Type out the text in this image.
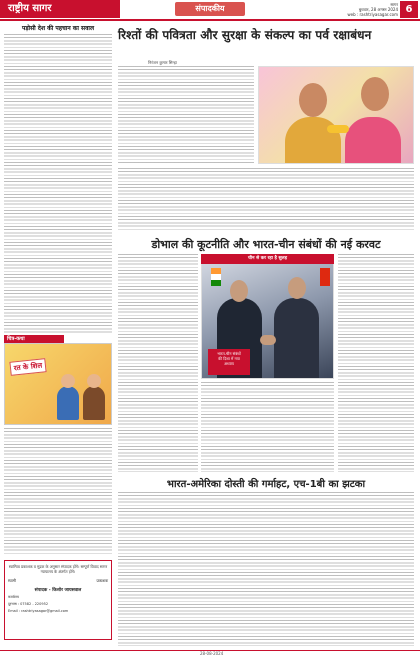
राष्ट्रीय सागर	संपादकीय	सागर
बुधवार, 28 अगस्त 2024
web : rashtriyasagar.com 6
पड़ोसी देश की पहचान का सवाल	रिश्तों की पवित्रता और सुरक्षा के संकल्प का पर्व रक्षाबंधन
निरंजन कुमार सिन्हा
डोभाल की कूटनीति और भारत-चीन संबंधों की नई करवट
चीन से कर रहा है सुलह
भारत-चीन संबंधों
की दिशा में नया
अध्याय
चित्र-कथा
रत के शिल
स्वामित्व प्रकाशक व मुद्रक के अनुसार संपादक होंगे। सम्पूर्ण विवाद सागर न्यायालय के अंतर्गत होंगे।
स्वामी	प्रकाशक
संपादक - किशोर जायसवाल
कार्यालय
दूरभाष : 07582 - 220952
Email : rashtriyasagar@gmail.com
भारत-अमेरिका दोस्ती की गर्माहट, एच-1बी का झटका
28-08-2024
